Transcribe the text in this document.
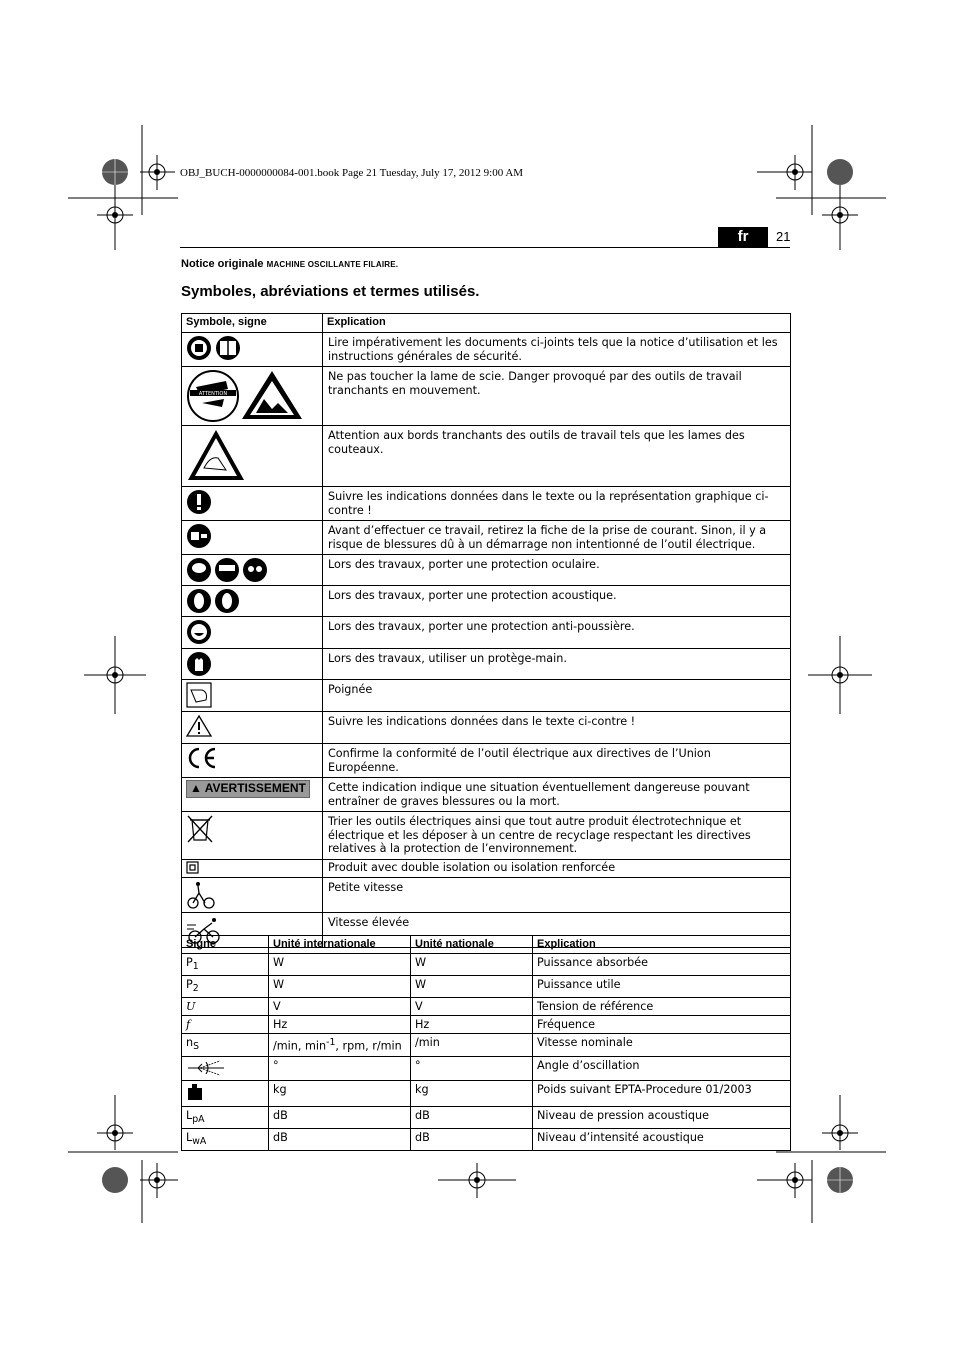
OBJ_BUCH-0000000084-001.book Page 21 Tuesday, July 17, 2012 9:00 AM
fr	21
Notice originale MACHINE OSCILLANTE FILAIRE.
Symboles, abréviations et termes utilisés.
Symbole, signe	Explication
	Lire impérativement les documents ci-joints tels que la notice d’utilisation et les instructions générales de sécurité.

ATTENTION	Ne pas toucher la lame de scie. Danger provoqué par des outils de travail tranchants en mouvement.
	Attention aux bords tranchants des outils de travail tels que les lames des couteaux.
	Suivre les indications données dans le texte ou la représentation graphique ci-contre !
	Avant d’effectuer ce travail, retirez la fiche de la prise de courant. Sinon, il y a risque de blessures dû à un démarrage non intentionné de l’outil électrique.
	Lors des travaux, porter une protection oculaire.
	Lors des travaux, porter une protection acoustique.
	Lors des travaux, porter une protection anti-poussière.
	Lors des travaux, utiliser un protège-main.
	Poignée
	Suivre les indications données dans le texte ci-contre !
	Confirme la conformité de l’outil électrique aux directives de l’Union Européenne.
▲ AVERTISSEMENT	Cette indication indique une situation éventuellement dangereuse pouvant entraîner de graves blessures ou la mort.
	Trier les outils électriques ainsi que tout autre produit électrotechnique et électrique et les déposer à un centre de recyclage respectant les directives relatives à la protection de l’environnement.
	Produit avec double isolation ou isolation renforcée
	Petite vitesse
	Vitesse élevée
Signe	Unité internationale	Unité nationale	Explication
$P_1$	W	W	Puissance absorbée
$P_2$	W	W	Puissance utile
U	V	V	Tension de référence
f	Hz	Hz	Fréquence
$n_S$	/min, $\min^{-1}$, rpm, r/min	/min	Vitesse nominale
	°	°	Angle d’oscillation
	kg	kg	Poids suivant EPTA-Procedure 01/2003
$L_{pA}$	dB	dB	Niveau de pression acoustique
$L_{wA}$	dB	dB	Niveau d’intensité acoustique
